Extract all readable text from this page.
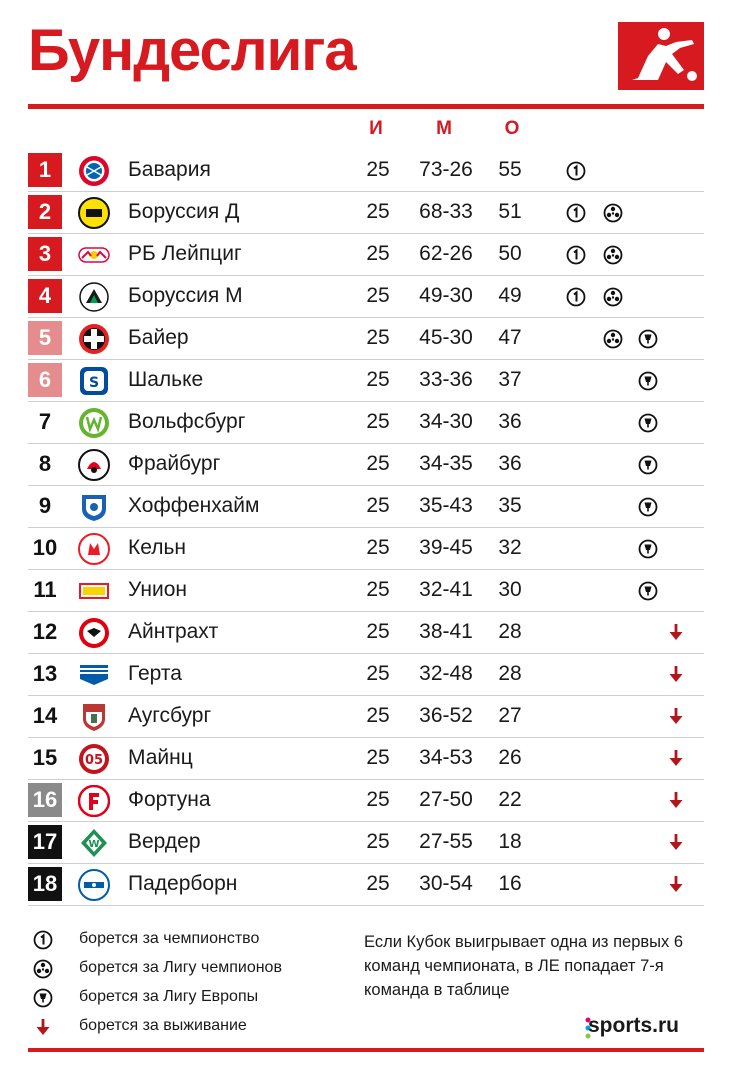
Бундеслига
И	М	О
1	Бавария	25	73-26	55
2	Боруссия Д	25	68-33	51
3	РБ Лейпциг	25	62-26	50
4	Боруссия М	25	49-30	49
5	Байер	25	45-30	47
6	S Шальке	25	33-36	37
7	Вольфсбург	25	34-30	36
8	Фрайбург	25	34-35	36
9	Хоффенхайм	25	35-43	35
10	Кельн	25	39-45	32
11	Унион	25	32-41	30
12	Айнтрахт	25	38-41	28
13	Герта	25	32-48	28
14	Аугсбург	25	36-52	27
15	05 Майнц	25	34-53	26
16	Фортуна	25	27-50	22
17	W Вердер	25	27-55	18
18	Падерборн	25	30-54	16
борется за чемпионство
борется за Лигу чемпионов
борется за Лигу Европы
борется за выживание
Если Кубок выигрывает одна из первых 6 команд чемпионата, в ЛЕ попадает 7-я команда в таблице
sports.ru
